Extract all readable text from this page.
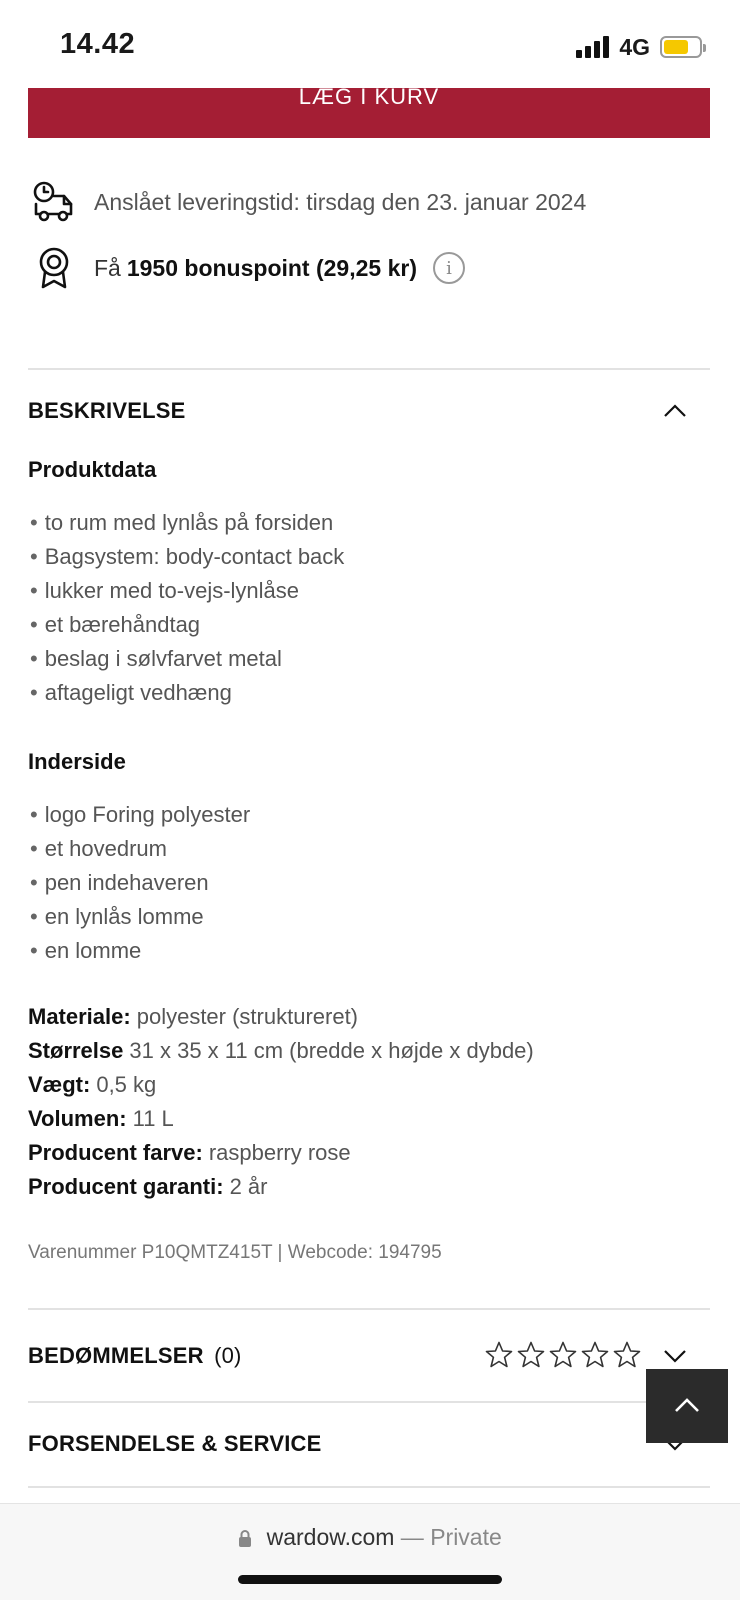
14.42	4G
LÆG I KURV
Anslået leveringstid: tirsdag den 23. januar 2024
Få 1950 bonuspoint (29,25 kr)	i
BESKRIVELSE
Produktdata
• to rum med lynlås på forsiden
• Bagsystem: body-contact back
• lukker med to-vejs-lynlåse
• et bærehåndtag
• beslag i sølvfarvet metal
• aftageligt vedhæng
Inderside
• logo Foring polyester
• et hovedrum
• pen indehaveren
• en lynlås lomme
• en lomme
Materiale: polyester (struktureret)
Størrelse 31 x 35 x 11 cm (bredde x højde x dybde)
Vægt: 0,5 kg
Volumen: 11 L
Producent farve: raspberry rose
Producent garanti: 2 år
Varenummer P10QMTZ415T | Webcode: 194795
BEDØMMELSER (0)
FORSENDELSE & SERVICE
wardow.com — Private
